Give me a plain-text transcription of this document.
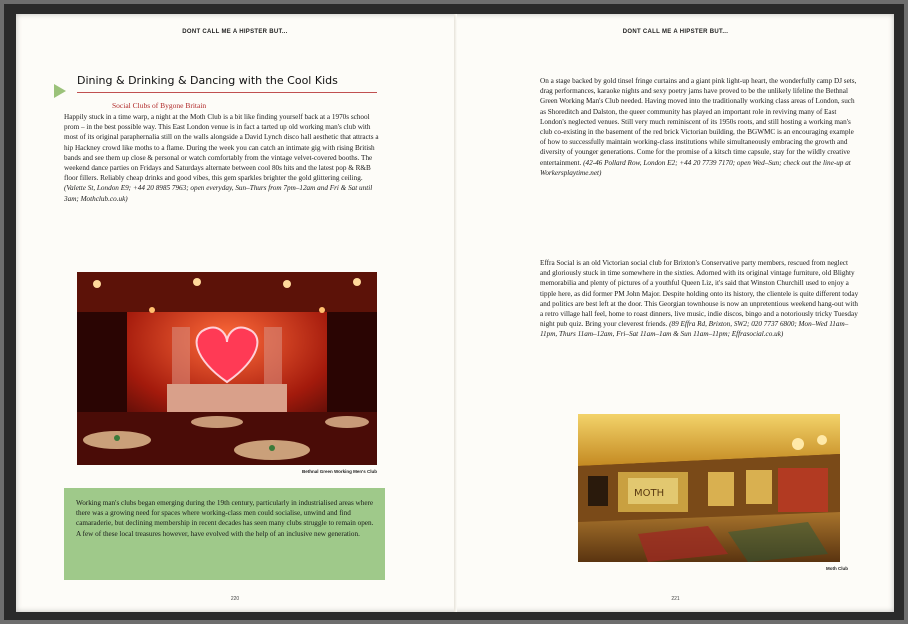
DONT CALL ME A HIPSTER BUT...
Dining & Drinking & Dancing with the Cool Kids
Social Clubs of Bygone Britain
Happily stuck in a time warp, a night at the Moth Club is a bit like finding yourself back at a 1970s school prom – in the best possible way. This East London venue is in fact a tarted up old working man's club with most of its original paraphernalia still on the walls alongside a David Lynch disco hall aesthetic that attracts a hip Hackney crowd like moths to a flame. During the week you can catch an intimate gig with rising British bands and see them up close & personal or watch comfortably from the vintage velvet-covered booths. The weekend dance parties on Fridays and Saturdays alternate between cool 80s hits and the latest pop & R&B floor fillers. Reliably cheap drinks and good vibes, this gem sparkles brighter the gold glittering ceiling. (Valette St, London E9; +44 20 8985 7963; open everyday, Sun–Thurs from 7pm–12am and Fri & Sat until 3am; Mothclub.co.uk)
Bethnal Green Working Men's Club
Working man's clubs began emerging during the 19th century, particularly in industrialised areas where there was a growing need for spaces where working-class men could socialise, unwind and find camaraderie, but declining membership in recent decades has seen many clubs struggle to remain open. A few of these local treasures however, have evolved with the help of an inclusive new generation.
220
DONT CALL ME A HIPSTER BUT...
On a stage backed by gold tinsel fringe curtains and a giant pink light-up heart, the wonderfully camp DJ sets, drag performances, karaoke nights and sexy poetry jams have proved to be the unlikely lifeline the Bethnal Green Working Man's Club needed. Having moved into the traditionally working class areas of London, such as Shoreditch and Dalston, the queer community has played an important role in reviving many of East London's neglected venues. Still very much reminiscent of its 1950s roots, and still hosting a working man's club co-existing in the basement of the red brick Victorian building, the BGWMC is an encouraging example of how to successfully maintain working-class institutions while simultaneously embracing the growth and diversity of younger generations. Come for the promise of a kitsch time capsule, stay for the wildly creative entertainment. (42-46 Pollard Row, London E2; +44 20 7739 7170; open Wed–Sun; check out the line-up at Workersplaytime.net)
Effra Social is an old Victorian social club for Brixton's Conservative party members, rescued from neglect and gloriously stuck in time somewhere in the sixties. Adorned with its original vintage furniture, old Blighty memorabilia and plenty of pictures of a youthful Queen Liz, it's said that Winston Churchill used to enjoy a tipple here, as did former PM John Major. Despite holding onto its history, the clientele is quite different today and politics are best left at the door. This Georgian townhouse is now an unpretentious weekend hang-out with a retro village hall feel, home to roast dinners, live music, indie discos, bingo and a notoriously tricky Tuesday night pub quiz. Bring your cleverest friends. (89 Effra Rd, Brixton, SW2; 020 7737 6800; Mon–Wed 11am–11pm, Thurs 11am–12am, Fri–Sat 11am–1am & Sun 11am–11pm; Effrasocial.co.uk)
MOTH
Moth Club
221
